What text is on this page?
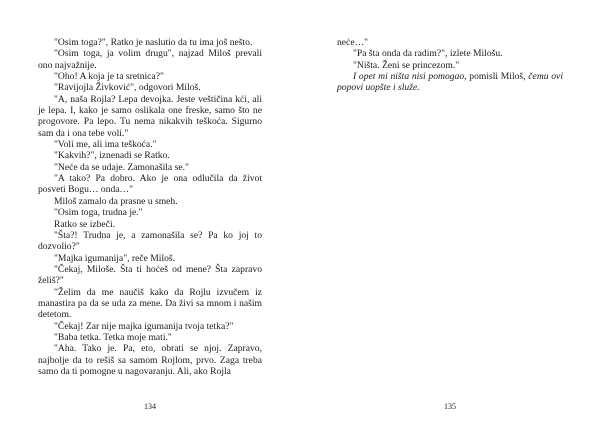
"Osim toga?", Ratko je naslutio da tu ima još nešto.

"Osim toga, ja volim drugu", najzad Miloš prevali ono najvažnije.

"Oho! A koja je ta sretnica?"

"Ravijojla Živković", odgovori Miloš.

"A, naša Rojla? Lepa devojka. Jeste veštičina kći, ali je lepa. I, kako je samo oslikala one freske, samo što ne progovore. Pa lepo. Tu nema nikakvih teškoća. Sigurno sam da i ona tebe voli."

"Voli me, ali ima teškoća."

"Kakvih?", iznenadi se Ratko.

"Neće da se udaje. Zamonašila se."

"A tako? Pa dobro. Ako je ona odlučila da život posveti Bogu… onda…"

Miloš zamalo da prasne u smeh.

"Osim toga, trudna je."

Ratko se izbeči.

"Šta?! Trudna je, a zamonašila se? Pa ko joj to dozvolio?"

"Majka igumanija", reče Miloš.

"Čekaj, Miloše. Šta ti hoćeš od mene? Šta zapravo želiš?"

"Želim da me naučiš kako da Rojlu izvučem iz manastira pa da se uda za mene. Da živi sa mnom i našim detetom.

"Čekaj! Zar nije majka igumanija tvoja tetka?"

"Baba tetka. Tetka moje mati."

"Aha. Tako je. Pa, eto, obrati se njoj. Zapravo, najbolje da to rešiš sa samom Rojlom, prvo. Zaga treba samo da ti pomogne u nagovaranju. Ali, ako Rojla

134

neće…"

"Pa šta onda da radim?", izlete Milošu.

"Ništa. Ženi se princezom."

I opet mi ništa nisi pomogao, pomisli Miloš, čemu ovi popovi uopšte i služe.

135
